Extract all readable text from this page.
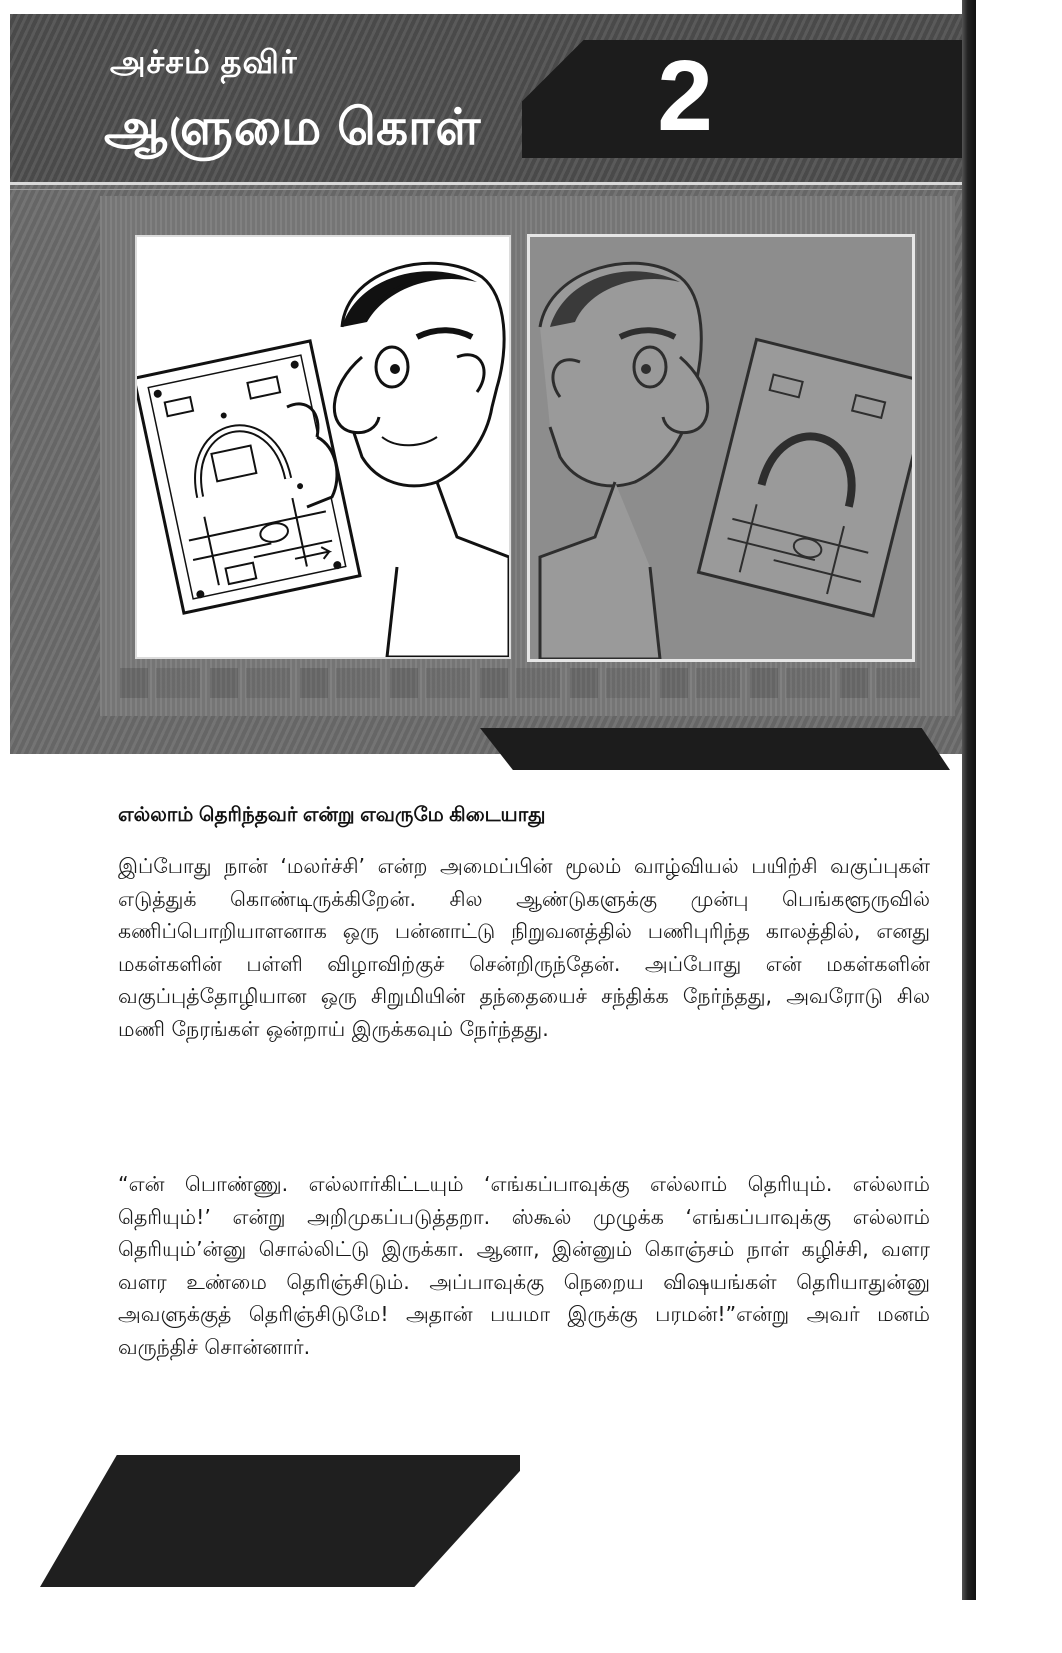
அச்சம் தவிர்
ஆளுமை கொள் 2
எல்லாம் தெரிந்தவர் என்று எவருமே கிடையாது

இப்போது நான் ‘மலர்ச்சி’ என்ற அமைப்பின் மூலம் வாழ்வியல் பயிற்சி வகுப்புகள் எடுத்துக் கொண்டிருக்கிறேன். சில ஆண்டுகளுக்கு முன்பு பெங்களூருவில் கணிப்பொறியாளனாக ஒரு பன்னாட்டு நிறுவனத்தில் பணிபுரிந்த காலத்தில், எனது மகள்களின் பள்ளி விழாவிற்குச் சென்றிருந்தேன். அப்போது என் மகள்களின் வகுப்புத்தோழியான ஒரு சிறுமியின் தந்தையைச் சந்திக்க நேர்ந்தது, அவரோடு சில மணி நேரங்கள் ஒன்றாய் இருக்கவும் நேர்ந்தது.

“என் பொண்ணு. எல்லார்கிட்டயும் ‘எங்கப்பாவுக்கு எல்லாம் தெரியும். எல்லாம் தெரியும்!’ என்று அறிமுகப்படுத்தறா. ஸ்கூல் முழுக்க ‘எங்கப்பாவுக்கு எல்லாம் தெரியும்’ன்னு சொல்லிட்டு இருக்கா. ஆனா, இன்னும் கொஞ்சம் நாள் கழிச்சி, வளர வளர உண்மை தெரிஞ்சிடும். அப்பாவுக்கு நெறைய விஷயங்கள் தெரியாதுன்னு அவளுக்குத் தெரிஞ்சிடுமே! அதான் பயமா இருக்கு பரமன்!”என்று அவர் மனம் வருந்திச் சொன்னார்.
